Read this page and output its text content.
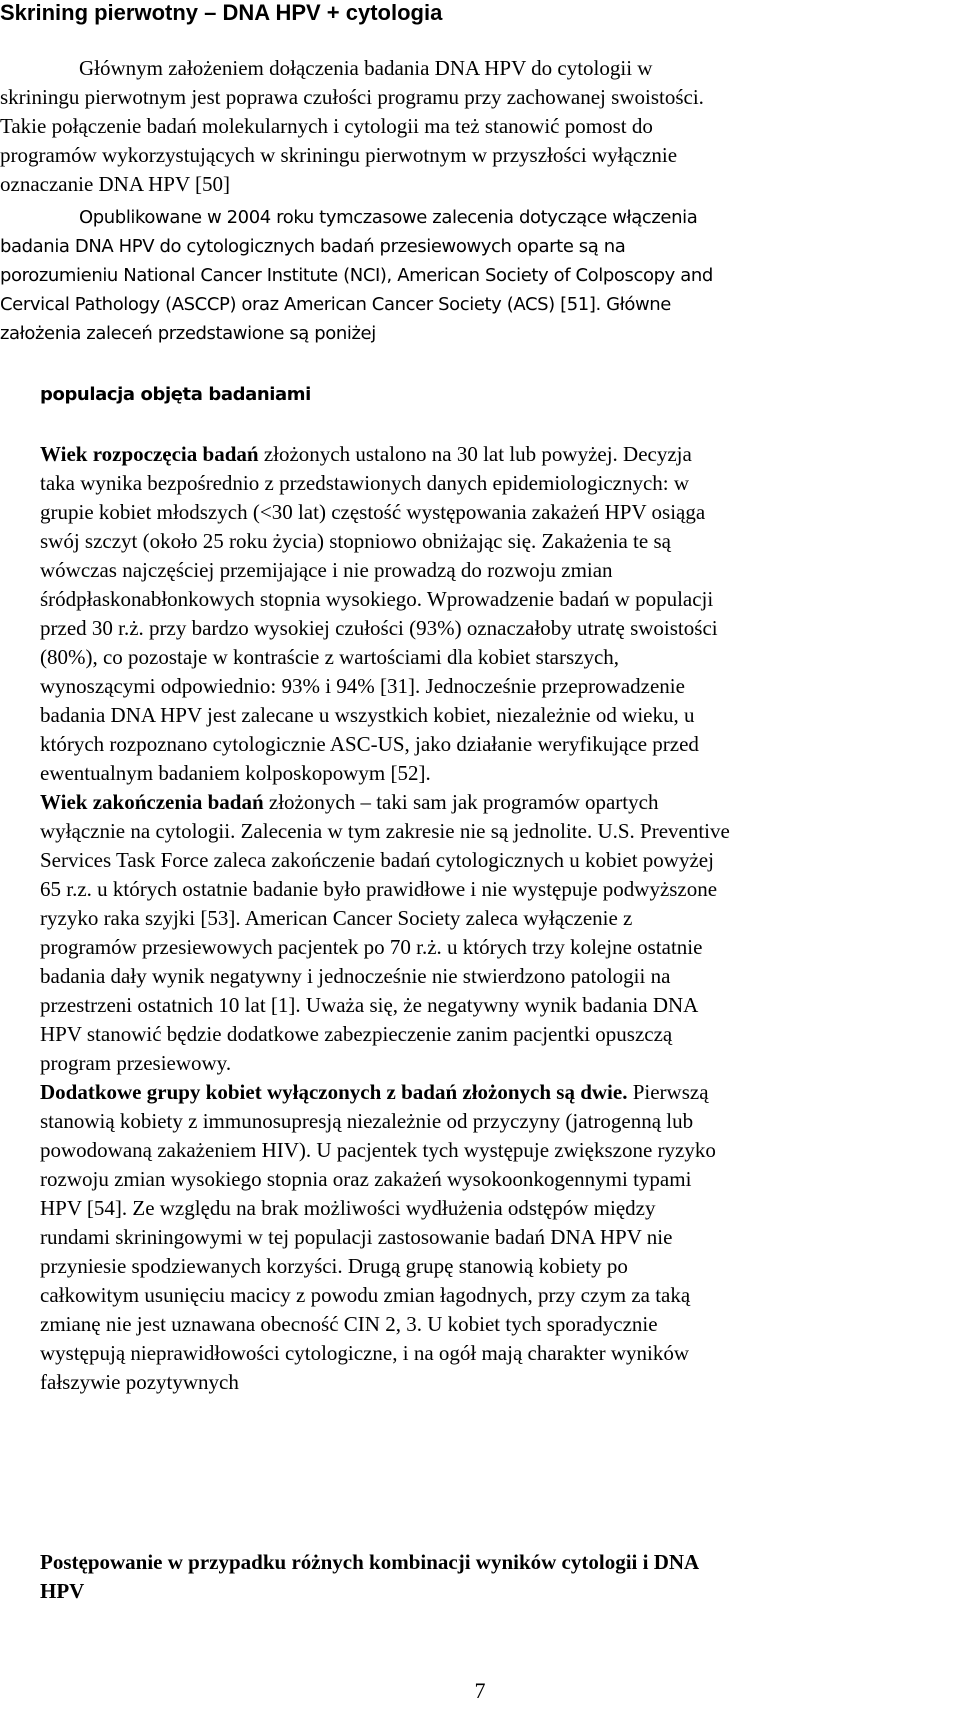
Skrining pierwotny – DNA HPV + cytologia
Głównym założeniem dołączenia badania DNA HPV do cytologii w
skriningu pierwotnym jest poprawa czułości programu przy zachowanej swoistości.
Takie połączenie badań molekularnych i cytologii ma też stanowić pomost do
programów wykorzystujących w skriningu pierwotnym w przyszłości wyłącznie
oznaczanie DNA HPV [50]
Opublikowane w 2004 roku tymczasowe zalecenia dotyczące włączenia
badania DNA HPV do cytologicznych badań przesiewowych oparte są na
porozumieniu National Cancer Institute (NCI), American Society of Colposcopy and
Cervical Pathology (ASCCP) oraz American Cancer Society (ACS) [51]. Główne
założenia zaleceń przedstawione są poniżej
populacja objęta badaniami
Wiek rozpoczęcia badań złożonych ustalono na 30 lat lub powyżej. Decyzja
taka wynika bezpośrednio z przedstawionych danych epidemiologicznych: w
grupie kobiet młodszych (<30 lat) częstość występowania zakażeń HPV osiąga
swój szczyt (około 25 roku życia) stopniowo obniżając się. Zakażenia te są
wówczas najczęściej przemijające i nie prowadzą do rozwoju zmian
śródpłaskonabłonkowych stopnia wysokiego. Wprowadzenie badań w populacji
przed 30 r.ż. przy bardzo wysokiej czułości (93%) oznaczałoby utratę swoistości
(80%), co pozostaje w kontraście z wartościami dla kobiet starszych,
wynoszącymi odpowiednio: 93% i 94% [31]. Jednocześnie przeprowadzenie
badania DNA HPV jest zalecane u wszystkich kobiet, niezależnie od wieku, u
których rozpoznano cytologicznie ASC-US, jako działanie weryfikujące przed
ewentualnym badaniem kolposkopowym [52].
Wiek zakończenia badań złożonych – taki sam jak programów opartych
wyłącznie na cytologii. Zalecenia w tym zakresie nie są jednolite. U.S. Preventive
Services Task Force zaleca zakończenie badań cytologicznych u kobiet powyżej
65 r.z. u których ostatnie badanie było prawidłowe i nie występuje podwyższone
ryzyko raka szyjki [53]. American Cancer Society zaleca wyłączenie z
programów przesiewowych pacjentek po 70 r.ż. u których trzy kolejne ostatnie
badania dały wynik negatywny i jednocześnie nie stwierdzono patologii na
przestrzeni ostatnich 10 lat [1]. Uważa się, że negatywny wynik badania DNA
HPV stanowić będzie dodatkowe zabezpieczenie zanim pacjentki opuszczą
program przesiewowy.
Dodatkowe grupy kobiet wyłączonych z badań złożonych są dwie. Pierwszą
stanowią kobiety z immunosupresją niezależnie od przyczyny (jatrogenną lub
powodowaną zakażeniem HIV). U pacjentek tych występuje zwiększone ryzyko
rozwoju zmian wysokiego stopnia oraz zakażeń wysokoonkogennymi typami
HPV [54]. Ze względu na brak możliwości wydłużenia odstępów między
rundami skriningowymi w tej populacji zastosowanie badań DNA HPV nie
przyniesie spodziewanych korzyści. Drugą grupę stanowią kobiety po
całkowitym usunięciu macicy z powodu zmian łagodnych, przy czym za taką
zmianę nie jest uznawana obecność CIN 2, 3. U kobiet tych sporadycznie
występują nieprawidłowości cytologiczne, i na ogół mają charakter wyników
fałszywie pozytywnych
Postępowanie w przypadku różnych kombinacji wyników cytologii i DNA
HPV
7
